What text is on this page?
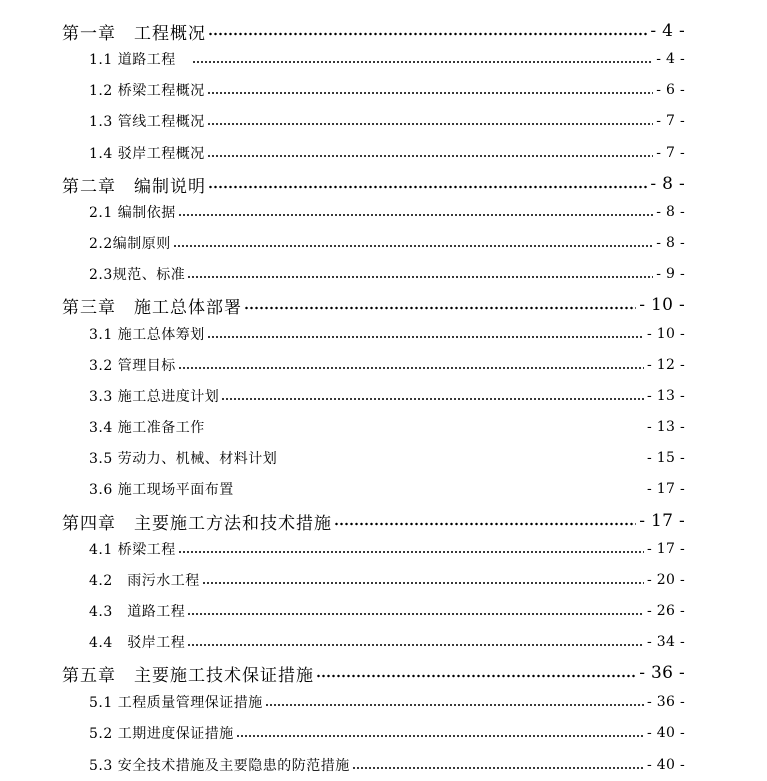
第一章　工程概况	- 4 -
1.1 道路工程　	- 4 -
1.2 桥梁工程概况	- 6 -
1.3 管线工程概况	- 7 -
1.4 驳岸工程概况	- 7 -
第二章　编制说明	- 8 -
2.1 编制依据	- 8 -
2.2编制原则	- 8 -
2.3规范、标准	- 9 -
第三章　施工总体部署	- 10 -
3.1 施工总体筹划	- 10 -
3.2 管理目标	- 12 -
3.3 施工总进度计划	- 13 -
3.4 施工准备工作	- 13 -
3.5 劳动力、机械、材料计划	- 15 -
3.6 施工现场平面布置	- 17 -
第四章　主要施工方法和技术措施	- 17 -
4.1 桥梁工程	- 17 -
4.2　雨污水工程	- 20 -
4.3　道路工程	- 26 -
4.4　驳岸工程	- 34 -
第五章　主要施工技术保证措施	- 36 -
5.1 工程质量管理保证措施	- 36 -
5.2 工期进度保证措施	- 40 -
5.3 安全技术措施及主要隐患的防范措施	- 40 -
